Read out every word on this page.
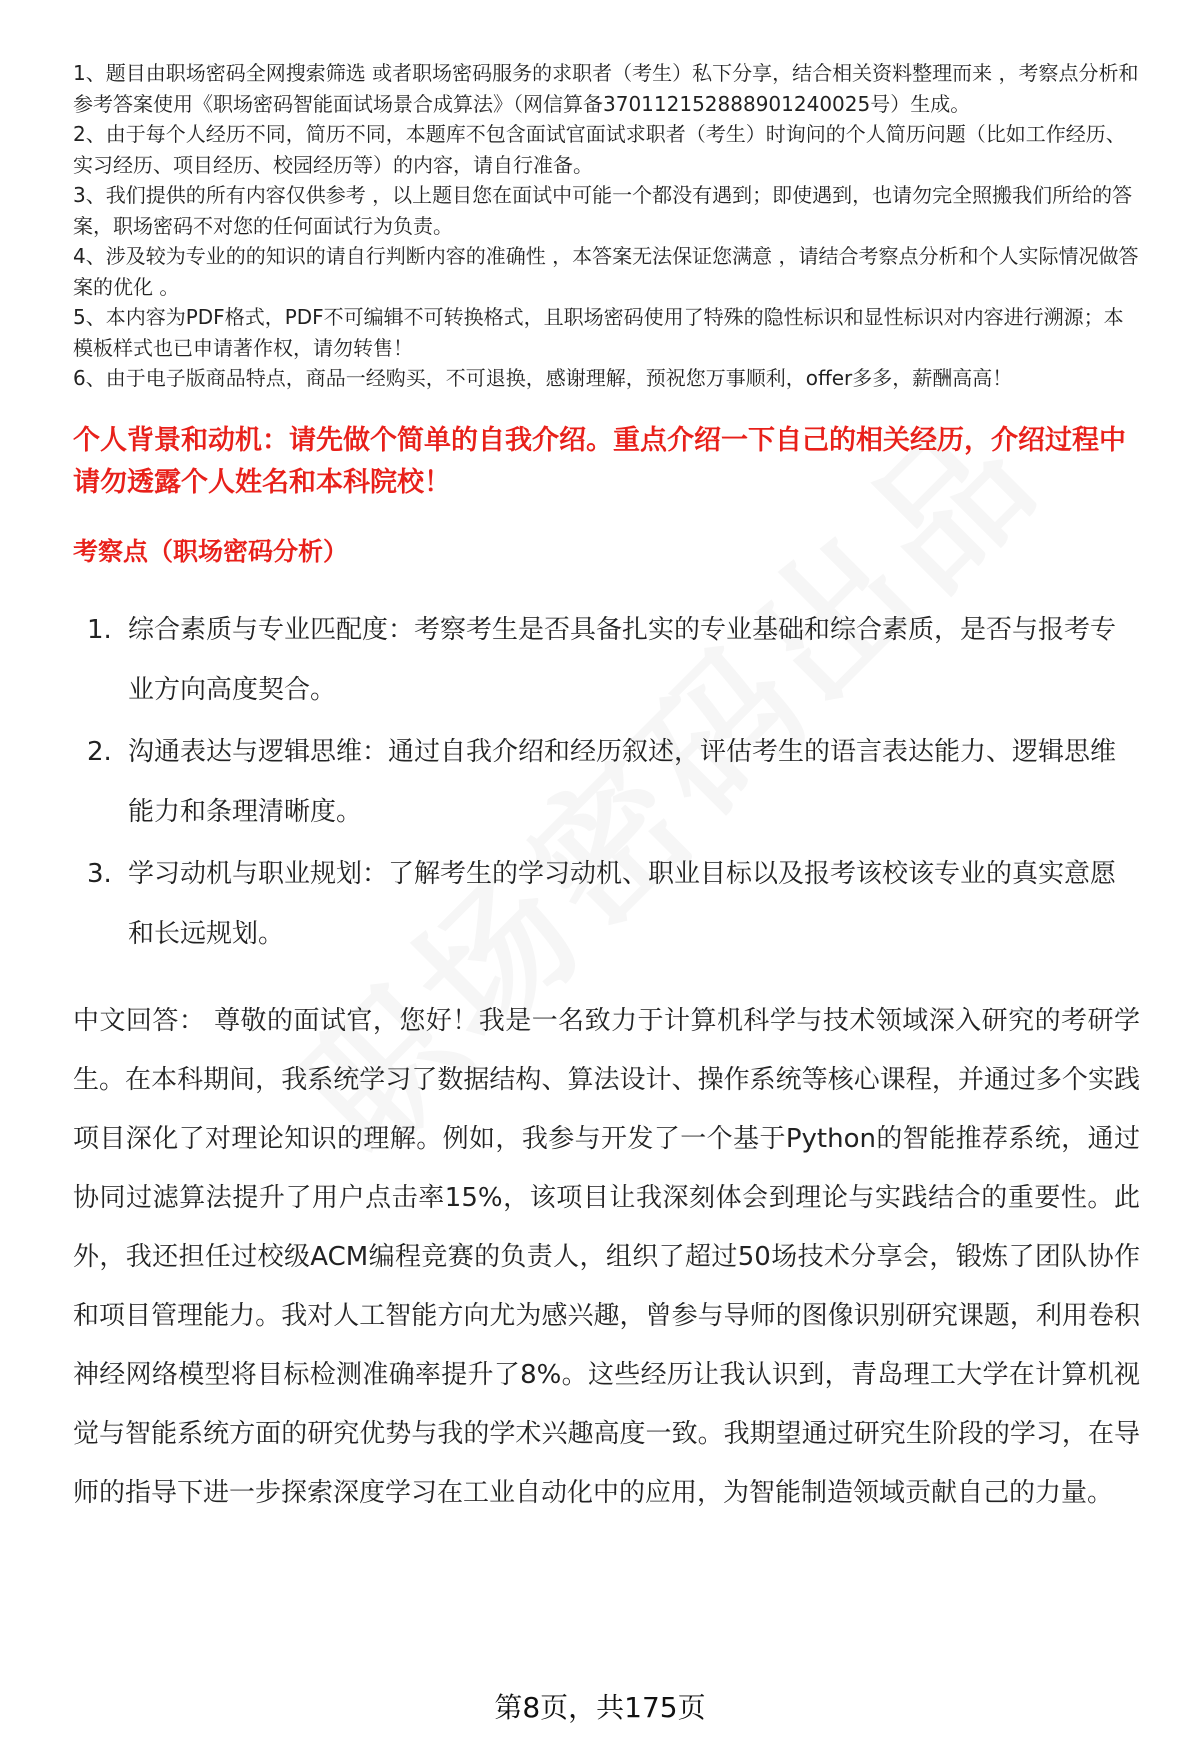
1、题目由职场密码全网搜索筛选 或者职场密码服务的求职者（考生）私下分享，结合相关资料整理而来 ，考察点分析和参考答案使用《职场密码智能面试场景合成算法》（网信算备370112152888901240025号）生成。

2、由于每个人经历不同，简历不同，本题库不包含面试官面试求职者（考生）时询问的个人简历问题（比如工作经历、实习经历、项目经历、校园经历等）的内容，请自行准备。

3、我们提供的所有内容仅供参考 ，以上题目您在面试中可能一个都没有遇到；即使遇到，也请勿完全照搬我们所给的答案，职场密码不对您的任何面试行为负责。

4、涉及较为专业的的知识的请自行判断内容的准确性 ，本答案无法保证您满意 ，请结合考察点分析和个人实际情况做答案的优化 。

5、本内容为PDF格式，PDF不可编辑不可转换格式，且职场密码使用了特殊的隐性标识和显性标识对内容进行溯源；本模板样式也已申请著作权，请勿转售！

6、由于电子版商品特点，商品一经购买，不可退换，感谢理解，预祝您万事顺利，offer多多，薪酬高高！

个人背景和动机：请先做个简单的自我介绍。重点介绍一下自己的相关经历，介绍过程中请勿透露个人姓名和本科院校！
考察点（职场密码分析）
1. 综合素质与专业匹配度：考察考生是否具备扎实的专业基础和综合素质，是否与报考专业方向高度契合。
2. 沟通表达与逻辑思维：通过自我介绍和经历叙述，评估考生的语言表达能力、逻辑思维能力和条理清晰度。
3. 学习动机与职业规划：了解考生的学习动机、职业目标以及报考该校该专业的真实意愿和长远规划。
中文回答： 尊敬的面试官，您好！我是一名致力于计算机科学与技术领域深入研究的考研学生。在本科期间，我系统学习了数据结构、算法设计、操作系统等核心课程，并通过多个实践项目深化了对理论知识的理解。例如，我参与开发了一个基于Python的智能推荐系统，通过协同过滤算法提升了用户点击率15%，该项目让我深刻体会到理论与实践结合的重要性。此外，我还担任过校级ACM编程竞赛的负责人，组织了超过50场技术分享会，锻炼了团队协作和项目管理能力。我对人工智能方向尤为感兴趣，曾参与导师的图像识别研究课题，利用卷积神经网络模型将目标检测准确率提升了8%。这些经历让我认识到，青岛理工大学在计算机视觉与智能系统方面的研究优势与我的学术兴趣高度一致。我期望通过研究生阶段的学习，在导师的指导下进一步探索深度学习在工业自动化中的应用，为智能制造领域贡献自己的力量。
第8页，共175页
